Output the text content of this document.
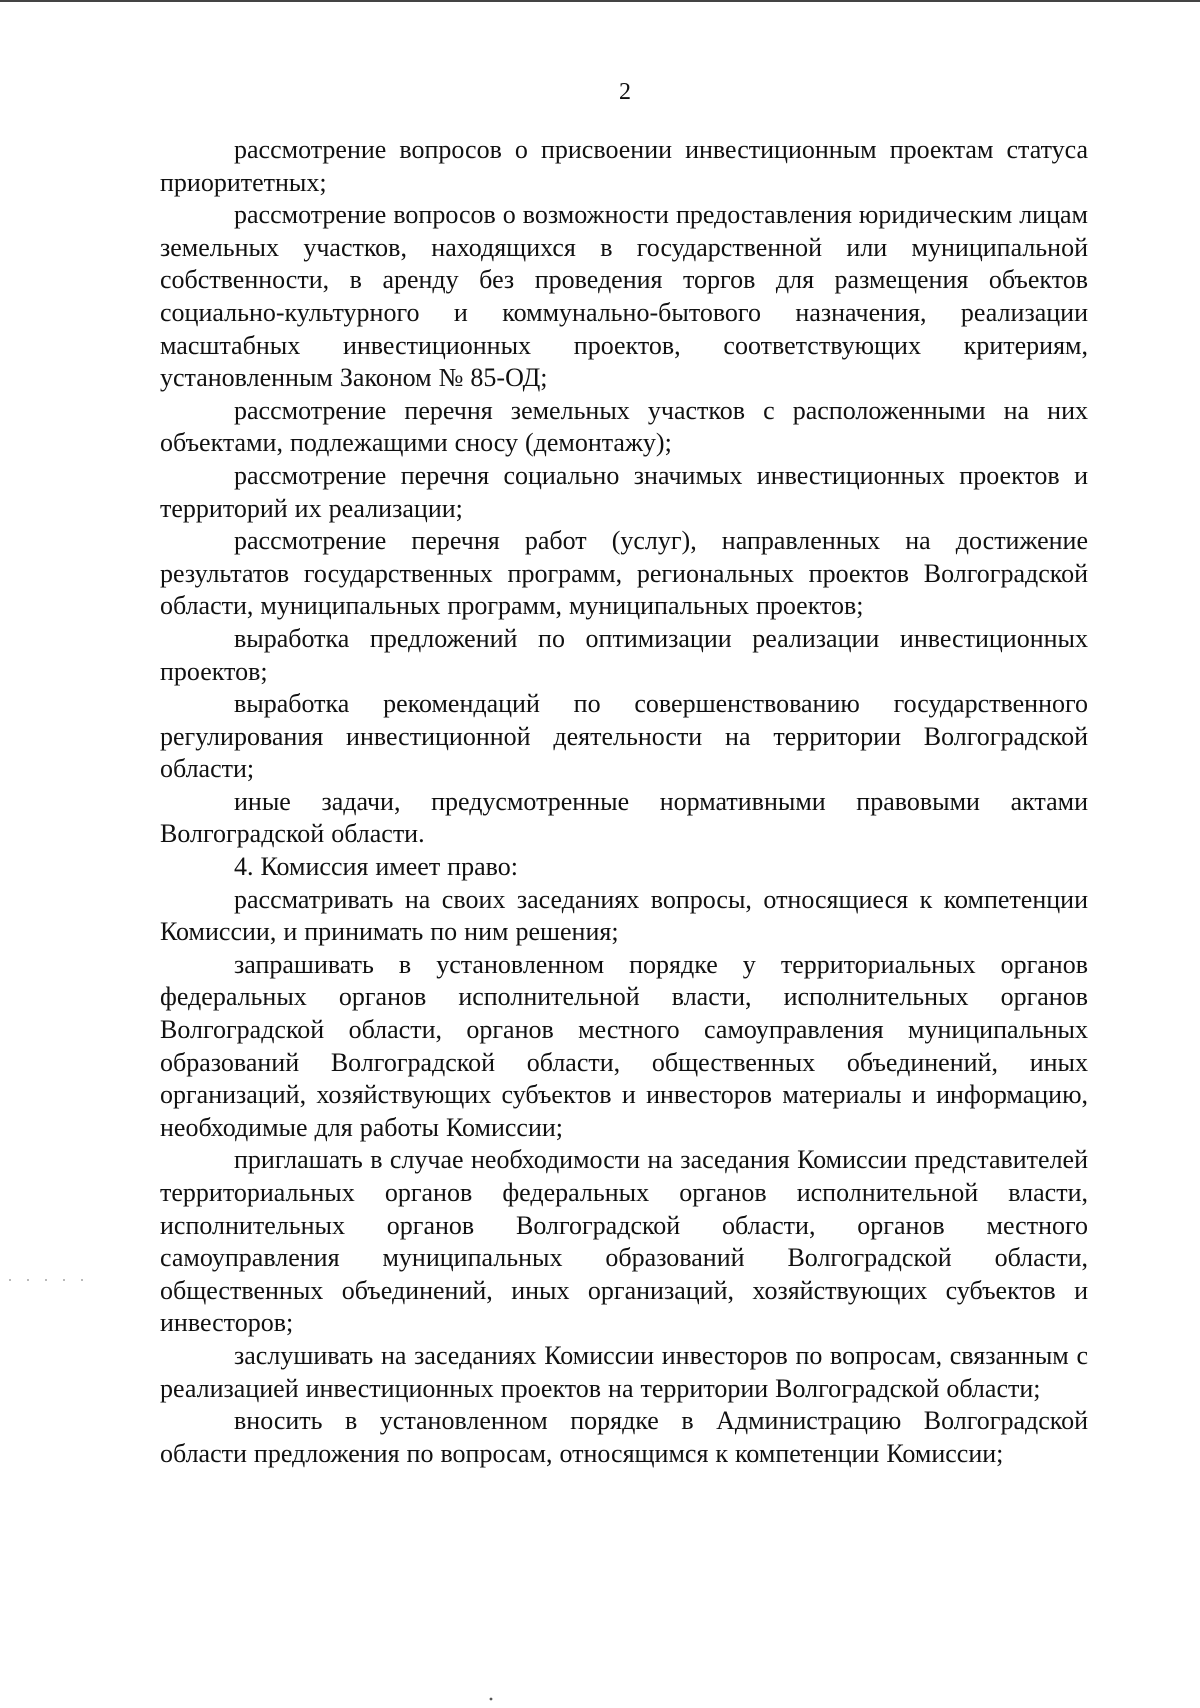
2

рассмотрение вопросов о присвоении инвестиционным проектам статуса приоритетных;

рассмотрение вопросов о возможности предоставления юридическим лицам земельных участков, находящихся в государственной или муниципальной собственности, в аренду без проведения торгов для размещения объектов социально-культурного и коммунально-бытового назначения, реализации масштабных инвестиционных проектов, соответствующих критериям, установленным Законом № 85-ОД;

рассмотрение перечня земельных участков с расположенными на них объектами, подлежащими сносу (демонтажу);

рассмотрение перечня социально значимых инвестиционных проектов и территорий их реализации;

рассмотрение перечня работ (услуг), направленных на достижение результатов государственных программ, региональных проектов Волгоградской области, муниципальных программ, муниципальных проектов;

выработка предложений по оптимизации реализации инвестиционных проектов;

выработка рекомендаций по совершенствованию государственного регулирования инвестиционной деятельности на территории Волгоградской области;

иные задачи, предусмотренные нормативными правовыми актами Волгоградской области.

4. Комиссия имеет право:

рассматривать на своих заседаниях вопросы, относящиеся к компетенции Комиссии, и принимать по ним решения;

запрашивать в установленном порядке у территориальных органов федеральных органов исполнительной власти, исполнительных органов Волгоградской области, органов местного самоуправления муниципальных образований Волгоградской области, общественных объединений, иных организаций, хозяйствующих субъектов и инвесторов материалы и информацию, необходимые для работы Комиссии;

приглашать в случае необходимости на заседания Комиссии представителей территориальных органов федеральных органов исполнительной власти, исполнительных органов Волгоградской области, органов местного самоуправления муниципальных образований Волгоградской области, общественных объединений, иных организаций, хозяйствующих субъектов и инвесторов;

заслушивать на заседаниях Комиссии инвесторов по вопросам, связанным с реализацией инвестиционных проектов на территории Волгоградской области;

вносить в установленном порядке в Администрацию Волгоградской области предложения по вопросам, относящимся к компетенции Комиссии;
